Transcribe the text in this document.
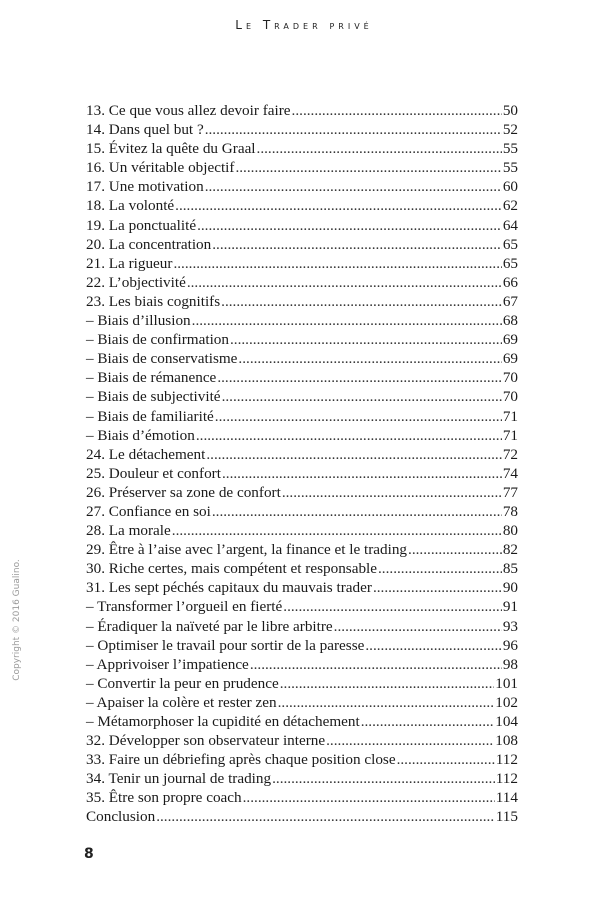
Le Trader privé
13. Ce que vous allez devoir faire .....	50
14. Dans quel but ? .....	52
15. Évitez la quête du Graal .....	55
16. Un véritable objectif .....	55
17. Une motivation .....	60
18. La volonté .....	62
19. La ponctualité .....	64
20. La concentration .....	65
21. La rigueur .....	65
22. L’objectivité .....	66
23. Les biais cognitifs .....	67
– Biais d’illusion .....	68
– Biais de confirmation .....	69
– Biais de conservatisme .....	69
– Biais de rémanence .....	70
– Biais de subjectivité .....	70
– Biais de familiarité .....	71
– Biais d’émotion .....	71
24. Le détachement .....	72
25. Douleur et confort .....	74
26. Préserver sa zone de confort .....	77
27. Confiance en soi .....	78
28. La morale .....	80
29. Être à l’aise avec l’argent, la finance et le trading .....	82
30. Riche certes, mais compétent et responsable .....	85
31. Les sept péchés capitaux du mauvais trader .....	90
– Transformer l’orgueil en fierté .....	91
– Éradiquer la naïveté par le libre arbitre .....	93
– Optimiser le travail pour sortir de la paresse .....	96
– Apprivoiser l’impatience .....	98
– Convertir la peur en prudence .....	101
– Apaiser la colère et rester zen .....	102
– Métamorphoser la cupidité en détachement .....	104
32. Développer son observateur interne .....	108
33. Faire un débriefing après chaque position close .....	112
34. Tenir un journal de trading .....	112
35. Être son propre coach .....	114
Conclusion .....	115
Copyright © 2016 Gualino.
8
